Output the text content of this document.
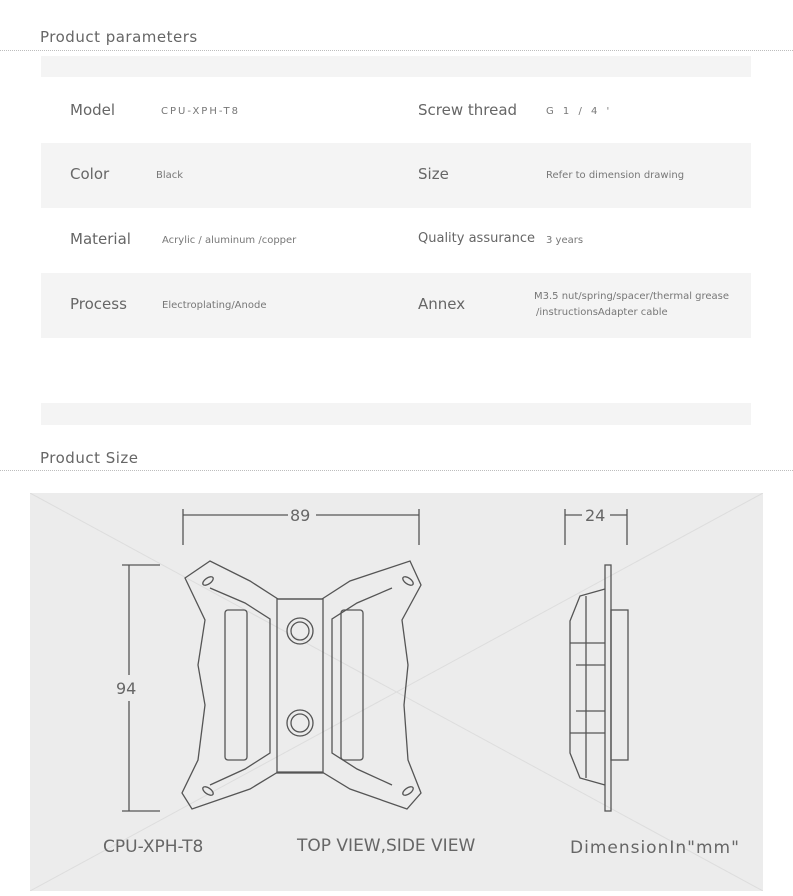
Product parameters
Model	CPU-XPH-T8	Screw thread	G 1 / 4 '
Color	Black	Size	Refer to dimension drawing
Material	Acrylic / aluminum /copper	Quality assurance 3 years
Process	Electroplating/Anode	Annex	M3.5 nut/spring/spacer/thermal grease
/instructionsAdapter cable
Product Size
89
94
24
CPU-XPH-T8	TOP VIEW,SIDE VIEW	DimensionIn"mm"
